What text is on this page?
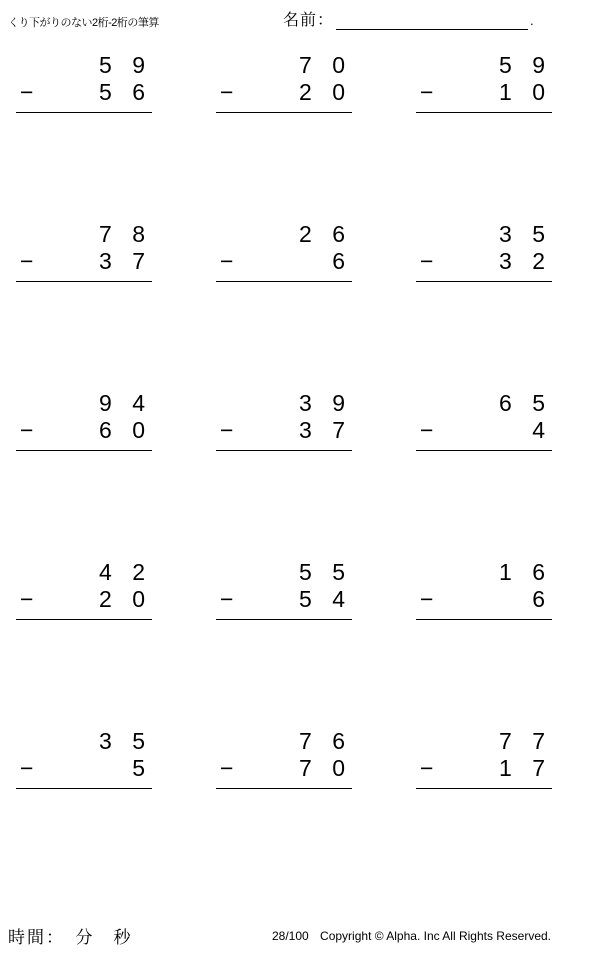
くり下がりのない2桁-2桁の筆算	名前：	.
5 9
−	5 6
7 0
−	2 0
5 9
−	1 0
7 8
−	3 7
2 6
−	6
3 5
−	3 2
9 4
−	6 0
3 9
−	3 7
6 5
−	4
4 2
−	2 0
5 5
−	5 4
1 6
−	6
3 5
−	5
7 6
−	7 0
7 7
−	1 7
時間：　分　秒	28/100 Copyright © Alpha. Inc All Rights Reserved.
